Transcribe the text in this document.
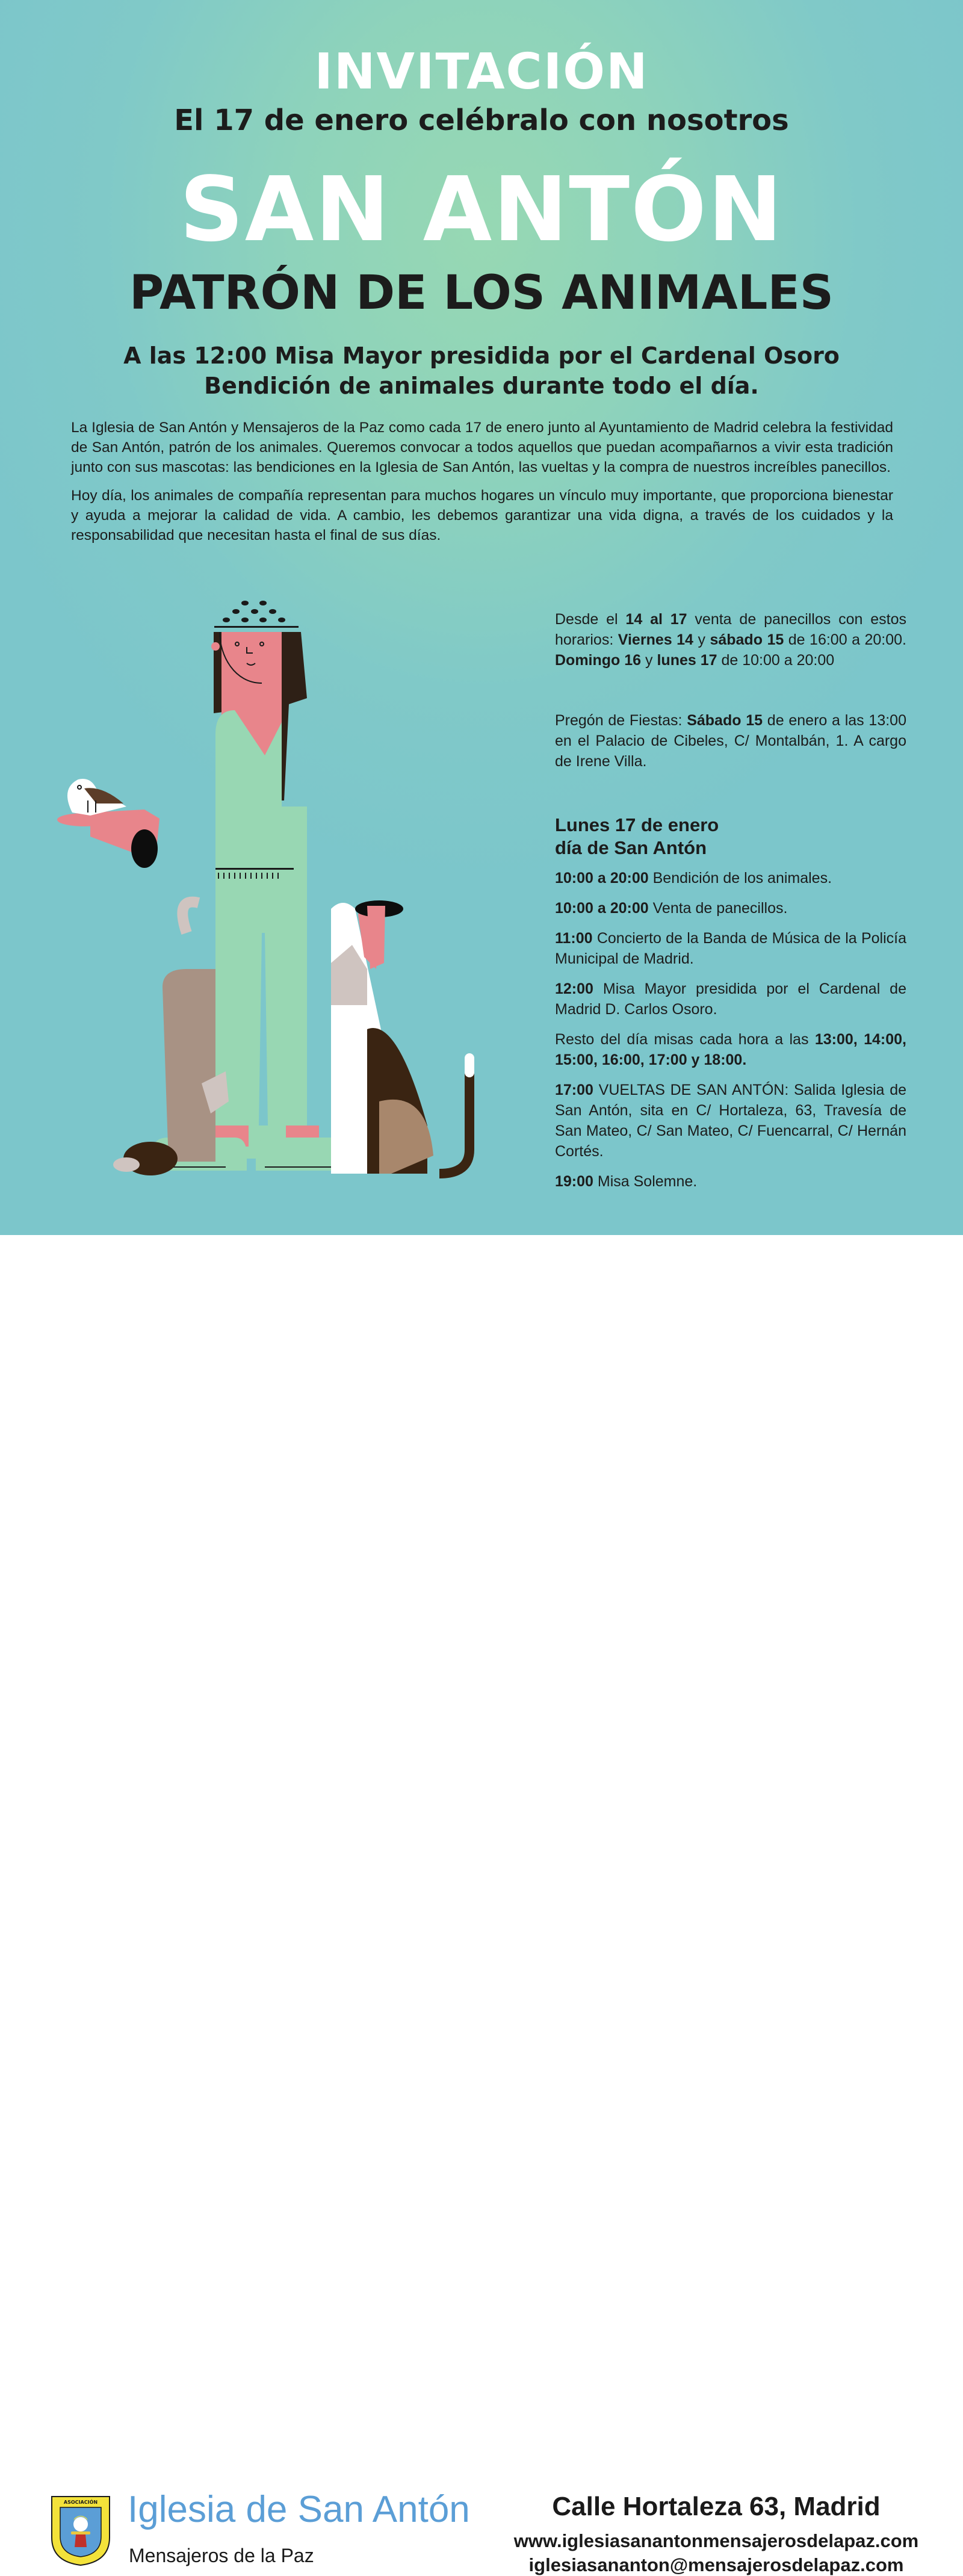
INVITACIÓN
El 17 de enero celébralo con nosotros
SAN ANTÓN
PATRÓN DE LOS ANIMALES
A las 12:00 Misa Mayor presidida por el Cardenal Osoro
Bendición de animales durante todo el día.

La Iglesia de San Antón y Mensajeros de la Paz como cada 17 de enero junto al Ayuntamiento de Madrid celebra la festividad de San Antón, patrón de los animales. Queremos convocar a todos aquellos que puedan acompañarnos a vivir esta tradición junto con sus mascotas: las bendiciones en la Iglesia de San Antón, las vueltas y la compra de nuestros increíbles panecillos.

Hoy día, los animales de compañía representan para muchos hogares un vínculo muy importante, que proporciona bienestar y ayuda a mejorar la calidad de vida. A cambio, les debemos garantizar una vida digna, a través de los cuidados y la responsabilidad que necesitan hasta el final de sus días.

Desde el 14 al 17 venta de panecillos con estos horarios: Viernes 14 y sábado 15 de 16:00 a 20:00. Domingo 16 y lunes 17 de 10:00 a 20:00

Pregón de Fiestas: Sábado 15 de enero a las 13:00 en el Palacio de Cibeles, C/ Montalbán, 1. A cargo de Irene Villa.

Lunes 17 de enero
día de San Antón

10:00 a 20:00 Bendición de los animales.

10:00 a 20:00 Venta de panecillos.

11:00 Concierto de la Banda de Música de la Policía Municipal de Madrid.

12:00 Misa Mayor presidida por el Cardenal de Madrid D. Carlos Osoro.

Resto del día misas cada hora a las 13:00, 14:00, 15:00, 16:00, 17:00 y 18:00.

17:00 VUELTAS DE SAN ANTÓN: Salida Iglesia de San Antón, sita en C/ Hortaleza, 63, Travesía de San Mateo, C/ San Mateo, C/ Fuencarral, C/ Hernán Cortés.

19:00 Misa Solemne.

ASOCIACIÓN Iglesia de San Antón
Mensajeros de la Paz
Calle Hortaleza 63, Madrid
www.iglesiasanantonmensajerosdelapaz.com
iglesiasananton@mensajerosdelapaz.com
